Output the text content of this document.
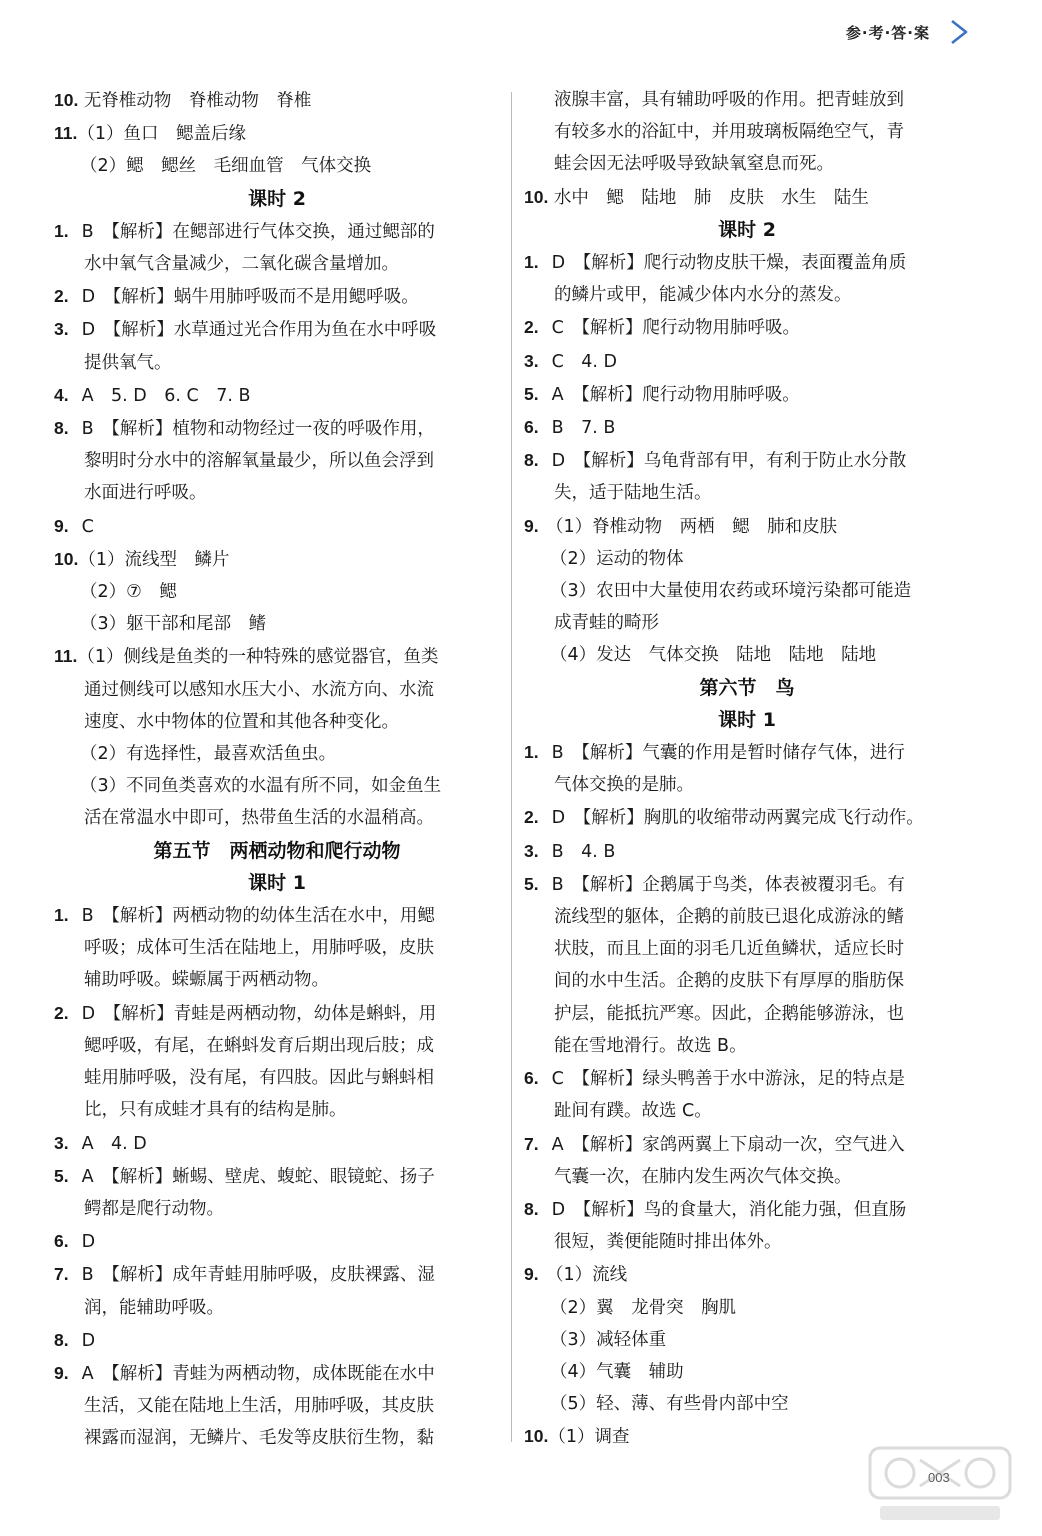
参·考·答·案
10. 无脊椎动物　脊椎动物　脊椎
11.（1）鱼口　鳃盖后缘
（2）鳃　鳃丝　毛细血管　气体交换
课时 2
1. B　【解析】在鳃部进行气体交换，通过鳃部的
水中氧气含量减少，二氧化碳含量增加。
2. D　【解析】蜗牛用肺呼吸而不是用鳃呼吸。
3. D　【解析】水草通过光合作用为鱼在水中呼吸
提供氧气。
4. A　5. D　6. C　7. B
8. B　【解析】植物和动物经过一夜的呼吸作用，
黎明时分水中的溶解氧量最少，所以鱼会浮到
水面进行呼吸。
9. C
10.（1）流线型　鳞片
（2）⑦　鳃
（3）躯干部和尾部　鳍
11.（1）侧线是鱼类的一种特殊的感觉器官，鱼类
通过侧线可以感知水压大小、水流方向、水流
速度、水中物体的位置和其他各种变化。
（2）有选择性，最喜欢活鱼虫。
（3）不同鱼类喜欢的水温有所不同，如金鱼生
活在常温水中即可，热带鱼生活的水温稍高。
第五节　两栖动物和爬行动物
课时 1
1. B　【解析】两栖动物的幼体生活在水中，用鳃
呼吸；成体可生活在陆地上，用肺呼吸，皮肤
辅助呼吸。蝾螈属于两栖动物。
2. D　【解析】青蛙是两栖动物，幼体是蝌蚪，用
鳃呼吸，有尾，在蝌蚪发育后期出现后肢；成
蛙用肺呼吸，没有尾，有四肢。因此与蝌蚪相
比，只有成蛙才具有的结构是肺。
3. A　4. D
5. A　【解析】蜥蜴、壁虎、蝮蛇、眼镜蛇、扬子
鳄都是爬行动物。
6. D
7. B　【解析】成年青蛙用肺呼吸，皮肤裸露、湿
润，能辅助呼吸。
8. D
9. A　【解析】青蛙为两栖动物，成体既能在水中
生活，又能在陆地上生活，用肺呼吸，其皮肤
裸露而湿润，无鳞片、毛发等皮肤衍生物，黏
液腺丰富，具有辅助呼吸的作用。把青蛙放到
有较多水的浴缸中，并用玻璃板隔绝空气，青
蛙会因无法呼吸导致缺氧窒息而死。
10. 水中　鳃　陆地　肺　皮肤　水生　陆生
课时 2
1. D　【解析】爬行动物皮肤干燥，表面覆盖角质
的鳞片或甲，能减少体内水分的蒸发。
2. C　【解析】爬行动物用肺呼吸。
3. C　4. D
5. A　【解析】爬行动物用肺呼吸。
6. B　7. B
8. D　【解析】乌龟背部有甲，有利于防止水分散
失，适于陆地生活。
9. （1）脊椎动物　两栖　鳃　肺和皮肤
（2）运动的物体
（3）农田中大量使用农药或环境污染都可能造
成青蛙的畸形
（4）发达　气体交换　陆地　陆地　陆地
第六节　鸟
课时 1
1. B　【解析】气囊的作用是暂时储存气体，进行
气体交换的是肺。
2. D　【解析】胸肌的收缩带动两翼完成飞行动作。
3. B　4. B
5. B　【解析】企鹅属于鸟类，体表被覆羽毛。有
流线型的躯体，企鹅的前肢已退化成游泳的鳍
状肢，而且上面的羽毛几近鱼鳞状，适应长时
间的水中生活。企鹅的皮肤下有厚厚的脂肪保
护层，能抵抗严寒。因此，企鹅能够游泳，也
能在雪地滑行。故选 B。
6. C　【解析】绿头鸭善于水中游泳，足的特点是
趾间有蹼。故选 C。
7. A　【解析】家鸽两翼上下扇动一次，空气进入
气囊一次，在肺内发生两次气体交换。
8. D　【解析】鸟的食量大，消化能力强，但直肠
很短，粪便能随时排出体外。
9. （1）流线
（2）翼　龙骨突　胸肌
（3）减轻体重
（4）气囊　辅助
（5）轻、薄、有些骨内部中空
10.（1）调查
003
